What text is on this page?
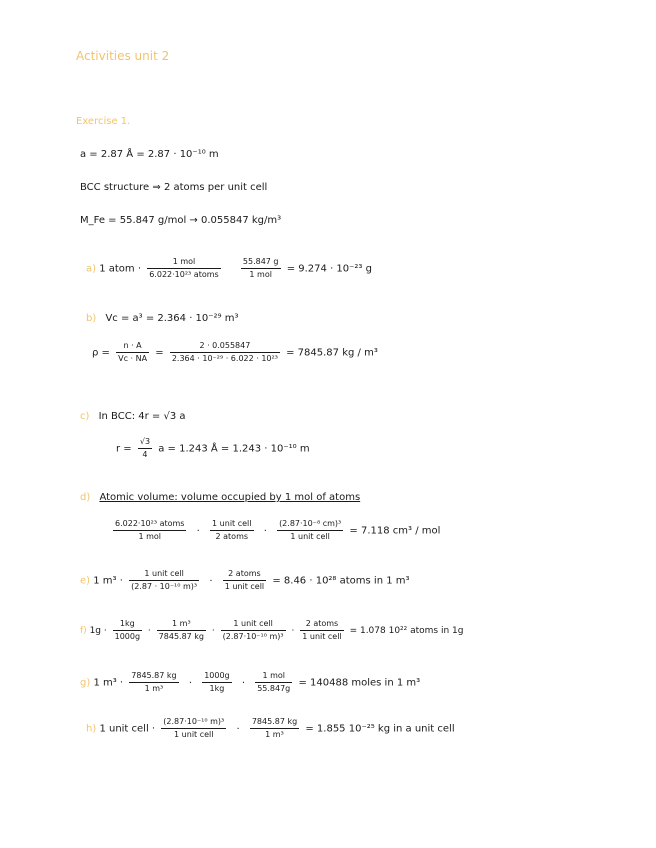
Activities unit 2
Exercise 1.
a = 2.87 Å = 2.87 · 10⁻¹⁰ m
BCC structure ⇒ 2 atoms per unit cell
M_Fe = 55.847 g/mol → 0.055847 kg/m³
a) 1 atom · $\frac{\text{1 mol}}{\text{6.022·10²³ atoms}}$
	$\frac{55.847 g}{\text{1 mol}} = 9.274 \cdot 10^{-23}$ g
b) Vc = a³ = 2.364 · 10⁻²⁹ m³
$\rho = \frac{n \cdot A}{Vc \cdot NA} = \frac{2 \cdot 0.055847}{\text{2.364 · 10⁻²⁹ · 6.022 · 10²³}} = 7845.87$ kg / m³
c) In BCC: 4r = √3 a
$r = \frac{√3}{4}$ a = 1.243 Å = 1.243 · 10⁻¹⁰ m
d) Atomic volume: volume occupied by 1 mol of atoms
$\frac{\text{6.022·10²³ atoms}}{\text{1 mol}} \cdot \frac{\text{1 unit cell}}{\text{2 atoms}} \cdot \frac{\text{(2.87·10⁻⁸ cm)³}}{\text{1 unit cell}} = 7.118$ cm³ / mol
e) 1 $m^3 \cdot \frac{\text{1 unit cell}}{\text{(2.87 · 10⁻¹⁰ m)³}} \cdot \frac{\text{2 atoms}}{\text{1 unit cell}} = 8.46 \cdot 10^{28}$ atoms in 1 m³
f) $1g \cdot \frac{1kg}{1000g} \cdot \frac{\text{1 m³}}{7845.87 kg} \cdot \frac{\text{1 unit cell}}{\text{(2.87·10⁻¹⁰ m)³}} \cdot \frac{\text{2 atoms}}{\text{1 unit cell}} = 1.078$ 10²² atoms in 1g
g) 1 $m^3 \cdot \frac{7845.87 kg}{\text{1 m³}} \cdot \frac{1000g}{1kg} \cdot \frac{\text{1 mol}}{55.847g} = 140488$ moles in 1 m³
h) 1 unit cell · $\frac{\text{(2.87·10⁻¹⁰ m)³}}{\text{1 unit cell}} \cdot \frac{7845.87 kg}{\text{1 m³}} = 1.855$ 10⁻²⁵ kg in a unit cell
